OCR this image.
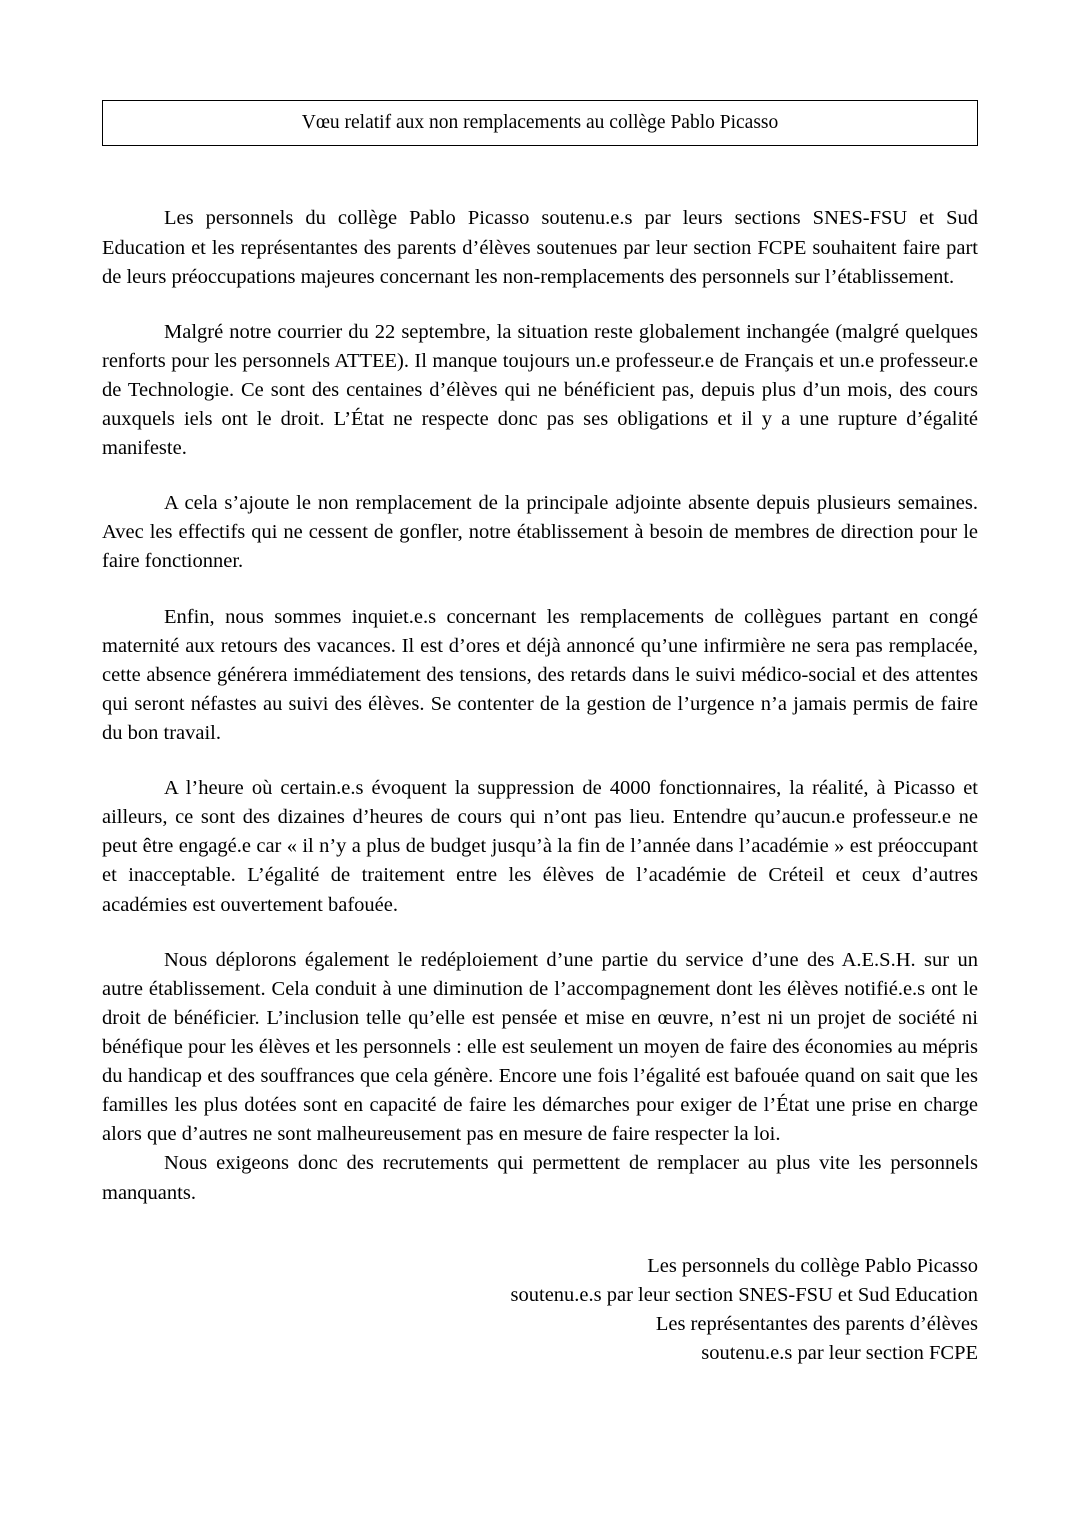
Vœu relatif aux non remplacements au collège Pablo Picasso

Les personnels du collège Pablo Picasso soutenu.e.s par leurs sections SNES-FSU et Sud Education et les représentantes des parents d’élèves soutenues par leur section FCPE souhaitent faire part de leurs préoccupations majeures concernant les non-remplacements des personnels sur l’établissement.

Malgré notre courrier du 22 septembre, la situation reste globalement inchangée (malgré quelques renforts pour les personnels ATTEE). Il manque toujours un.e professeur.e de Français et un.e professeur.e de Technologie. Ce sont des centaines d’élèves qui ne bénéficient pas, depuis plus d’un mois, des cours auxquels iels ont le droit. L’État ne respecte donc pas ses obligations et il y a une rupture d’égalité manifeste.

A cela s’ajoute le non remplacement de la principale adjointe absente depuis plusieurs semaines. Avec les effectifs qui ne cessent de gonfler, notre établissement à besoin de membres de direction pour le faire fonctionner.

Enfin, nous sommes inquiet.e.s concernant les remplacements de collègues partant en congé maternité aux retours des vacances. Il est d’ores et déjà annoncé qu’une infirmière ne sera pas remplacée, cette absence générera immédiatement des tensions, des retards dans le suivi médico-social et des attentes qui seront néfastes au suivi des élèves. Se contenter de la gestion de l’urgence n’a jamais permis de faire du bon travail.

A l’heure où certain.e.s évoquent la suppression de 4000 fonctionnaires, la réalité, à Picasso et ailleurs, ce sont des dizaines d’heures de cours qui n’ont pas lieu. Entendre qu’aucun.e professeur.e ne peut être engagé.e car « il n’y a plus de budget jusqu’à la fin de l’année dans l’académie » est préoccupant et inacceptable. L’égalité de traitement entre les élèves de l’académie de Créteil et ceux d’autres académies est ouvertement bafouée.

Nous déplorons également le redéploiement d’une partie du service d’une des A.E.S.H. sur un autre établissement. Cela conduit à une diminution de l’accompagnement dont les élèves notifié.e.s ont le droit de bénéficier. L’inclusion telle qu’elle est pensée et mise en œuvre, n’est ni un projet de société ni bénéfique pour les élèves et les personnels : elle est seulement un moyen de faire des économies au mépris du handicap et des souffrances que cela génère. Encore une fois l’égalité est bafouée quand on sait que les familles les plus dotées sont en capacité de faire les démarches pour exiger de l’État une prise en charge alors que d’autres ne sont malheureusement pas en mesure de faire respecter la loi.

Nous exigeons donc des recrutements qui permettent de remplacer au plus vite les personnels manquants.

Les personnels du collège Pablo Picasso
soutenu.e.s par leur section SNES-FSU et Sud Education
Les représentantes des parents d’élèves
soutenu.e.s par leur section FCPE
